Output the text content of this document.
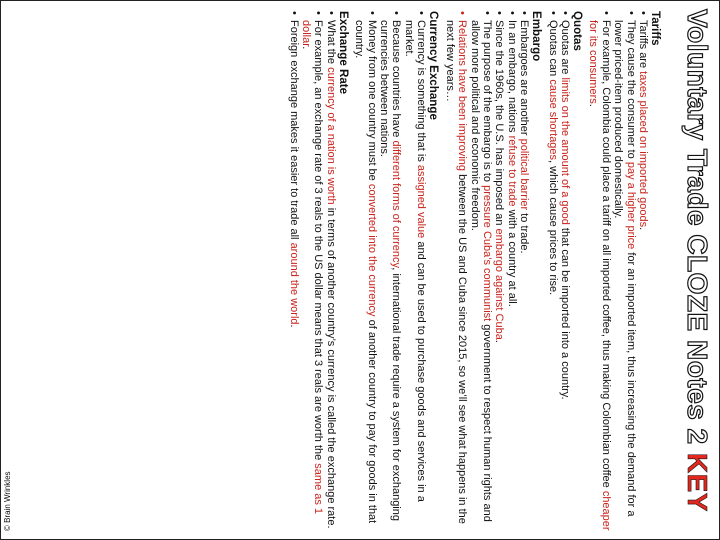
Voluntary Trade CLOZE Notes 2 KEY
Tariffs
• Tariffs are taxes placed on imported goods.
• They cause the consumer to pay a higher price for an imported item, thus increasing the demand for a lower priced-item produced domestically.
• For example, Colombia could place a tariff on all imported coffee, thus making Colombian coffee cheaper for its consumers.
Quotas
• Quotas are limits on the amount of a good that can be imported into a country.
• Quotas can cause shortages, which cause prices to rise.
Embargo
• Embargoes are another political barrier to trade.
• In an embargo, nations refuse to trade with a country at all.
• Since the 1960s, the U.S. has imposed an embargo against Cuba.
• The purpose of the embargo is to pressure Cuba’s communist government to respect human rights and allow more political and economic freedom.
• Relations have been improving between the US and Cuba since 2015, so we’ll see what happens in the next few years…
Currency Exchange
• Currency is something that is assigned value and can be used to purchase goods and services in a market.
• Because countries have different forms of currency, international trade require a system for exchanging currencies between nations.
• Money from one country must be converted into the currency of another country to pay for goods in that country.
Exchange Rate
• What the currency of a nation is worth in terms of another country’s currency is called the exchange rate.
• For example, an exchange rate of 3 reals to the US dollar means that 3 reals are worth the same as 1 dollar.
• Foreign exchange makes it easier to trade all around the world.
© Brain Wrinkles
